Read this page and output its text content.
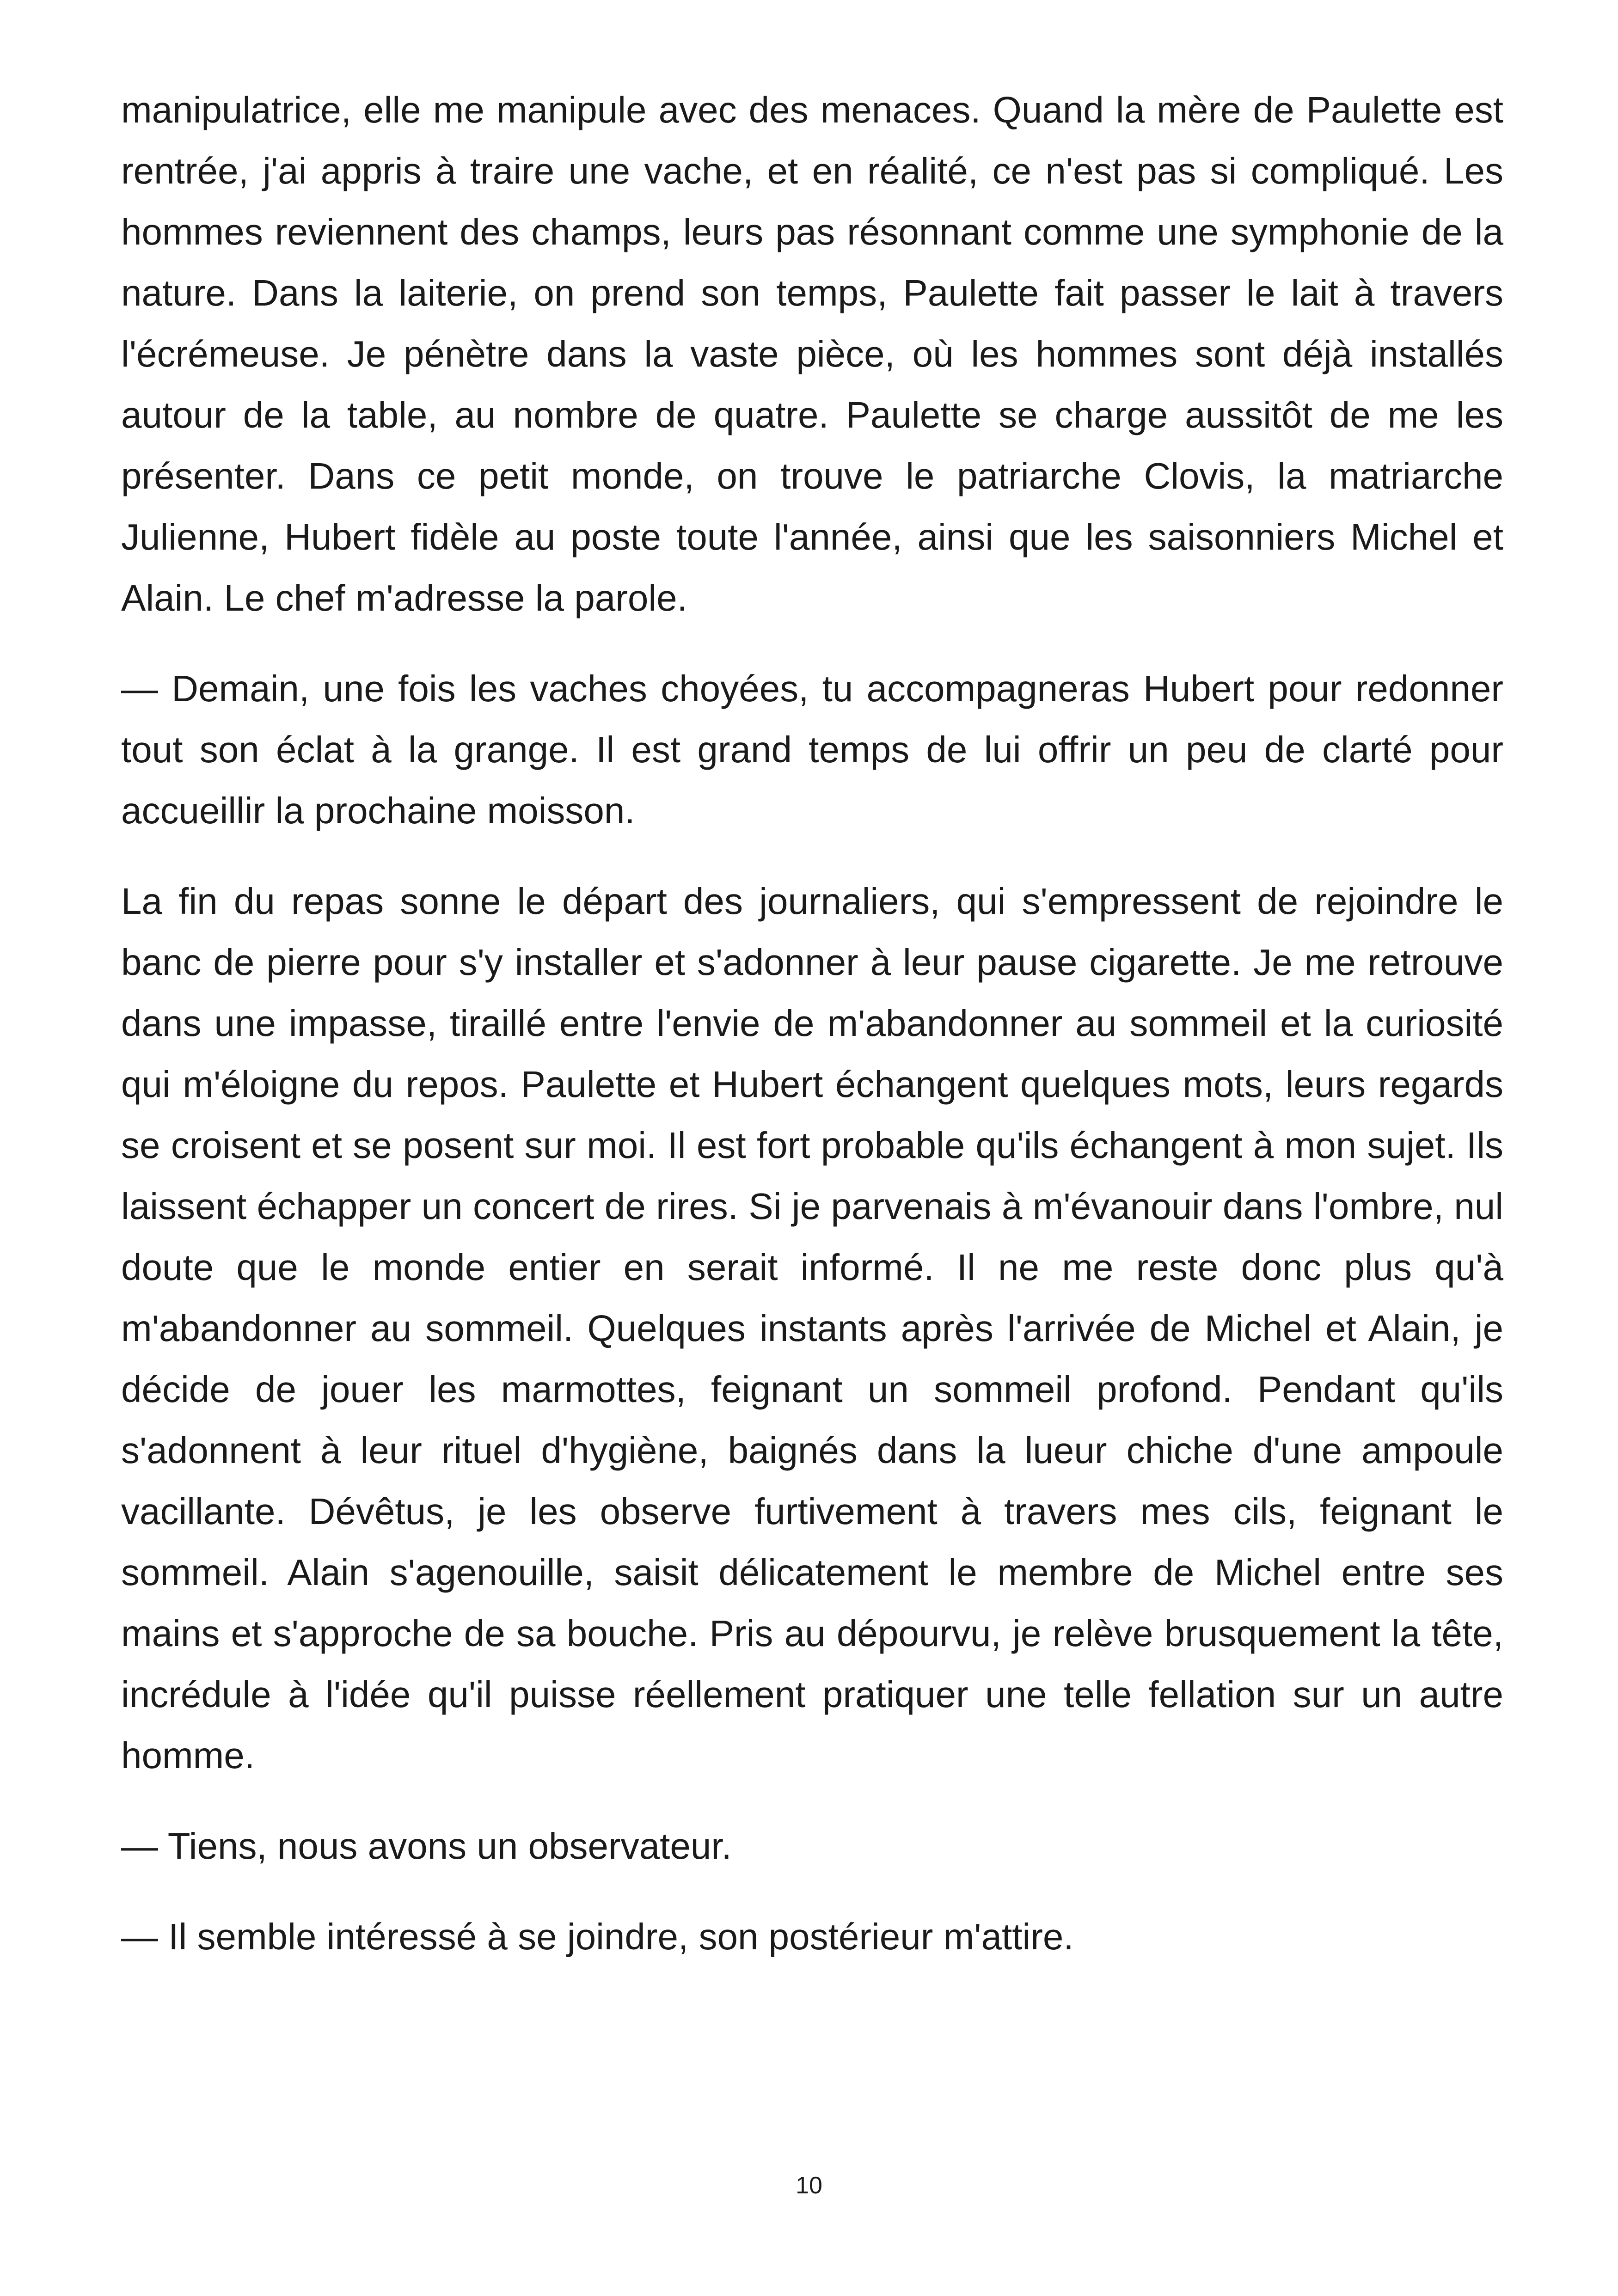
manipulatrice, elle me manipule avec des menaces. Quand la mère de Paulette est rentrée, j'ai appris à traire une vache, et en réalité, ce n'est pas si compliqué. Les hommes reviennent des champs, leurs pas résonnant comme une symphonie de la nature. Dans la laiterie, on prend son temps, Paulette fait passer le lait à travers l'écrémeuse. Je pénètre dans la vaste pièce, où les hommes sont déjà installés autour de la table, au nombre de quatre. Paulette se charge aussitôt de me les présenter. Dans ce petit monde, on trouve le patriarche Clovis, la matriarche Julienne, Hubert fidèle au poste toute l'année, ainsi que les saisonniers Michel et Alain. Le chef m'adresse la parole.

— Demain, une fois les vaches choyées, tu accompagneras Hubert pour redonner tout son éclat à la grange. Il est grand temps de lui offrir un peu de clarté pour accueillir la prochaine moisson.

La fin du repas sonne le départ des journaliers, qui s'empressent de rejoindre le banc de pierre pour s'y installer et s'adonner à leur pause cigarette. Je me retrouve dans une impasse, tiraillé entre l'envie de m'abandonner au sommeil et la curiosité qui m'éloigne du repos. Paulette et Hubert échangent quelques mots, leurs regards se croisent et se posent sur moi. Il est fort probable qu'ils échangent à mon sujet. Ils laissent échapper un concert de rires. Si je parvenais à m'évanouir dans l'ombre, nul doute que le monde entier en serait informé. Il ne me reste donc plus qu'à m'abandonner au sommeil. Quelques instants après l'arrivée de Michel et Alain, je décide de jouer les marmottes, feignant un sommeil profond. Pendant qu'ils s'adonnent à leur rituel d'hygiène, baignés dans la lueur chiche d'une ampoule vacillante. Dévêtus, je les observe furtivement à travers mes cils, feignant le sommeil. Alain s'agenouille, saisit délicatement le membre de Michel entre ses mains et s'approche de sa bouche. Pris au dépourvu, je relève brusquement la tête, incrédule à l'idée qu'il puisse réellement pratiquer une telle fellation sur un autre homme.

— Tiens, nous avons un observateur.

— Il semble intéressé à se joindre, son postérieur m'attire.

10
